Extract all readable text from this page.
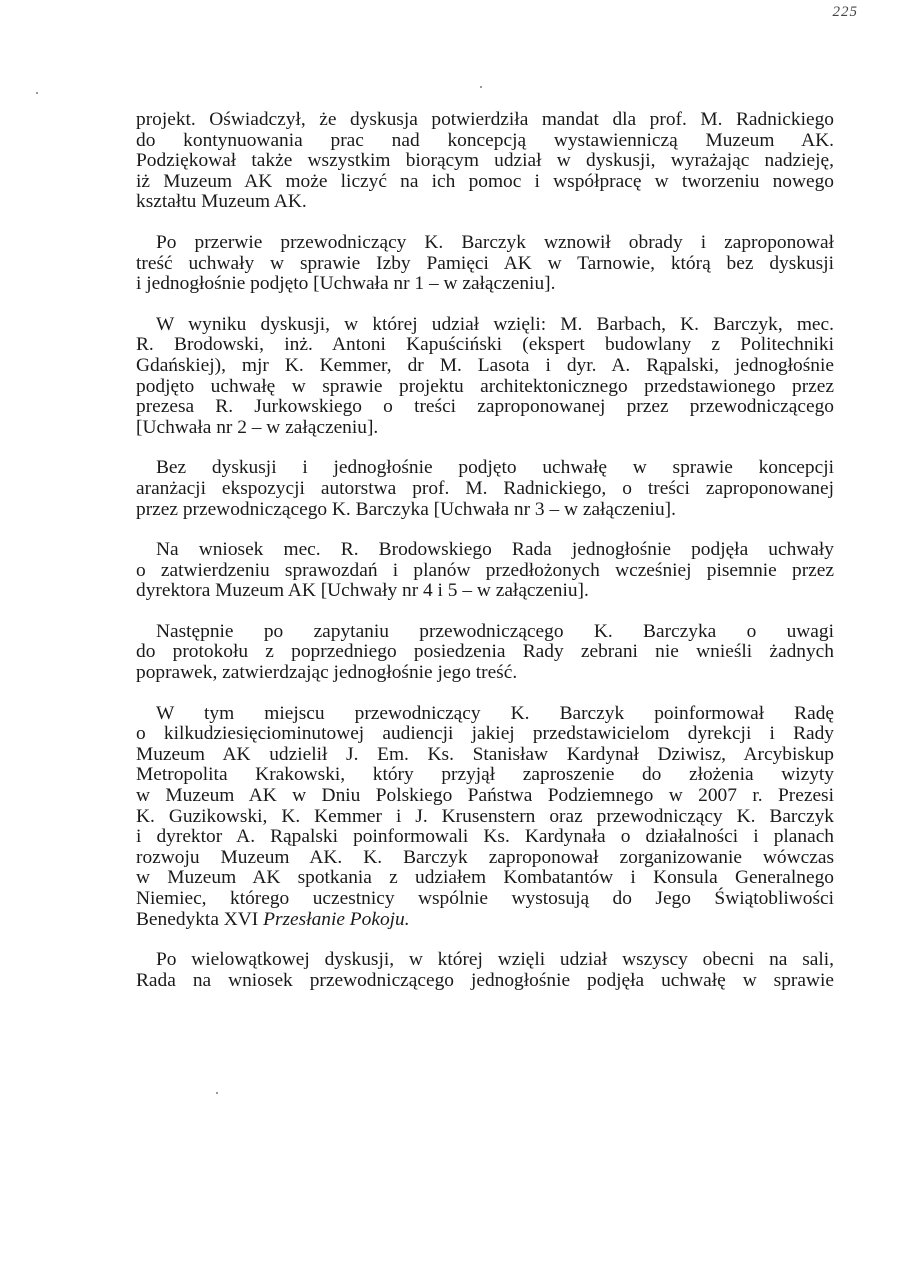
225

projekt. Oświadczył, że dyskusja potwierdziła mandat dla prof. M. Radnickiego
do kontynuowania prac nad koncepcją wystawienniczą Muzeum AK.
Podziękował także wszystkim biorącym udział w dyskusji, wyrażając nadzieję,
iż Muzeum AK może liczyć na ich pomoc i współpracę w tworzeniu nowego
kształtu Muzeum AK.

Po przerwie przewodniczący K. Barczyk wznowił obrady i zaproponował
treść uchwały w sprawie Izby Pamięci AK w Tarnowie, którą bez dyskusji
i jednogłośnie podjęto [Uchwała nr 1 – w załączeniu].

W wyniku dyskusji, w której udział wzięli: M. Barbach, K. Barczyk, mec.
R. Brodowski, inż. Antoni Kapuściński (ekspert budowlany z Politechniki
Gdańskiej), mjr K. Kemmer, dr M. Lasota i dyr. A. Rąpalski, jednogłośnie
podjęto uchwałę w sprawie projektu architektonicznego przedstawionego przez
prezesa R. Jurkowskiego o treści zaproponowanej przez przewodniczącego
[Uchwała nr 2 – w załączeniu].

Bez dyskusji i jednogłośnie podjęto uchwałę w sprawie koncepcji
aranżacji ekspozycji autorstwa prof. M. Radnickiego, o treści zaproponowanej
przez przewodniczącego K. Barczyka [Uchwała nr 3 – w załączeniu].

Na wniosek mec. R. Brodowskiego Rada jednogłośnie podjęła uchwały
o zatwierdzeniu sprawozdań i planów przedłożonych wcześniej pisemnie przez
dyrektora Muzeum AK [Uchwały nr 4 i 5 – w załączeniu].

Następnie po zapytaniu przewodniczącego K. Barczyka o uwagi
do protokołu z poprzedniego posiedzenia Rady zebrani nie wnieśli żadnych
poprawek, zatwierdzając jednogłośnie jego treść.

W tym miejscu przewodniczący K. Barczyk poinformował Radę
o kilkudziesięciominutowej audiencji jakiej przedstawicielom dyrekcji i Rady
Muzeum AK udzielił J. Em. Ks. Stanisław Kardynał Dziwisz, Arcybiskup
Metropolita Krakowski, który przyjął zaproszenie do złożenia wizyty
w Muzeum AK w Dniu Polskiego Państwa Podziemnego w 2007 r. Prezesi
K. Guzikowski, K. Kemmer i J. Krusenstern oraz przewodniczący K. Barczyk
i dyrektor A. Rąpalski poinformowali Ks. Kardynała o działalności i planach
rozwoju Muzeum AK. K. Barczyk zaproponował zorganizowanie wówczas
w Muzeum AK spotkania z udziałem Kombatantów i Konsula Generalnego
Niemiec, którego uczestnicy wspólnie wystosują do Jego Świątobliwości
Benedykta XVI Przesłanie Pokoju.

Po wielowątkowej dyskusji, w której wzięli udział wszyscy obecni na sali,
Rada na wniosek przewodniczącego jednogłośnie podjęła uchwałę w sprawie
